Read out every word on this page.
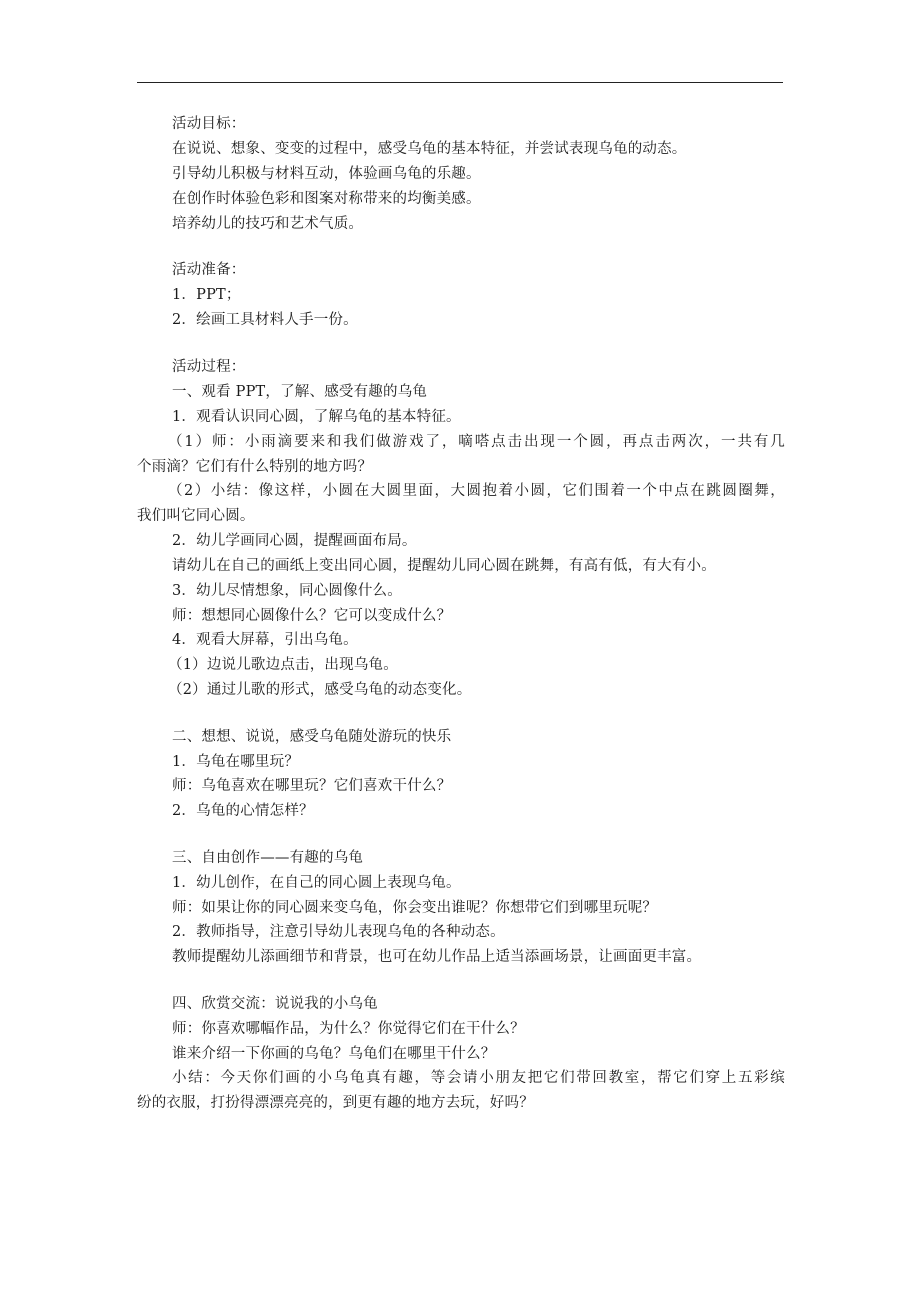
活动目标：
在说说、想象、变变的过程中，感受乌龟的基本特征，并尝试表现乌龟的动态。
引导幼儿积极与材料互动，体验画乌龟的乐趣。
在创作时体验色彩和图案对称带来的均衡美感。
培养幼儿的技巧和艺术气质。
活动准备：
1．PPT；
2．绘画工具材料人手一份。
活动过程：
一、观看 PPT，了解、感受有趣的乌龟
1．观看认识同心圆，了解乌龟的基本特征。
（1）师：小雨滴要来和我们做游戏了，嘀嗒点击出现一个圆，再点击两次，一共有几
个雨滴？它们有什么特别的地方吗？
（2）小结：像这样，小圆在大圆里面，大圆抱着小圆，它们围着一个中点在跳圆圈舞，
我们叫它同心圆。
2．幼儿学画同心圆，提醒画面布局。
请幼儿在自己的画纸上变出同心圆，提醒幼儿同心圆在跳舞，有高有低，有大有小。
3．幼儿尽情想象，同心圆像什么。
师：想想同心圆像什么？它可以变成什么？
4．观看大屏幕，引出乌龟。
（1）边说儿歌边点击，出现乌龟。
（2）通过儿歌的形式，感受乌龟的动态变化。
二、想想、说说，感受乌龟随处游玩的快乐
1．乌龟在哪里玩？
师：乌龟喜欢在哪里玩？它们喜欢干什么？
2．乌龟的心情怎样？
三、自由创作——有趣的乌龟
1．幼儿创作，在自己的同心圆上表现乌龟。
师：如果让你的同心圆来变乌龟，你会变出谁呢？你想带它们到哪里玩呢？
2．教师指导，注意引导幼儿表现乌龟的各种动态。
教师提醒幼儿添画细节和背景，也可在幼儿作品上适当添画场景，让画面更丰富。
四、欣赏交流：说说我的小乌龟
师：你喜欢哪幅作品，为什么？你觉得它们在干什么？
谁来介绍一下你画的乌龟？乌龟们在哪里干什么？
小结：今天你们画的小乌龟真有趣，等会请小朋友把它们带回教室，帮它们穿上五彩缤
纷的衣服，打扮得漂漂亮亮的，到更有趣的地方去玩，好吗？
